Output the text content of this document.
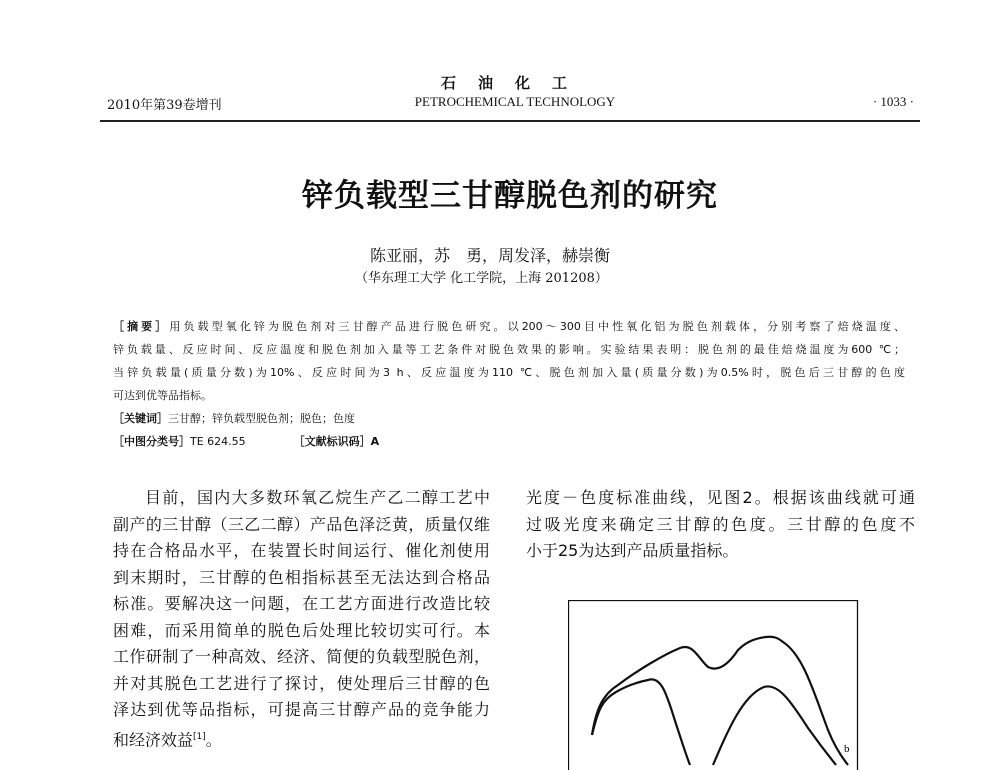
石油化工
2010年第39卷增刊	PETROCHEMICAL TECHNOLOGY	· 1033 ·
锌负载型三甘醇脱色剂的研究
陈亚丽，苏　勇，周发泽，赫崇衡
（华东理工大学 化工学院，上海 201208）
［摘要］用负载型氧化锌为脱色剂对三甘醇产品进行脱色研究。以200～300目中性氧化铝为脱色剂载体，分别考察了焙烧温度、
锌负载量、反应时间、反应温度和脱色剂加入量等工艺条件对脱色效果的影响。实验结果表明：脱色剂的最佳焙烧温度为600 ℃；
当锌负载量(质量分数)为10%、反应时间为3 h、反应温度为110 ℃、脱色剂加入量(质量分数)为0.5%时，脱色后三甘醇的色度
可达到优等品指标。
［关键词］三甘醇；锌负载型脱色剂；脱色；色度
［中图分类号］TE 624.55	［文献标识码］A
目前，国内大多数环氧乙烷生产乙二醇工艺中
副产的三甘醇（三乙二醇）产品色泽泛黄，质量仅维
持在合格品水平，在装置长时间运行、催化剂使用
到末期时，三甘醇的色相指标甚至无法达到合格品
标准。要解决这一问题，在工艺方面进行改造比较
困难，而采用简单的脱色后处理比较切实可行。本
工作研制了一种高效、经济、简便的负载型脱色剂，
并对其脱色工艺进行了探讨，使处理后三甘醇的色
泽达到优等品指标，可提高三甘醇产品的竞争能力
和经济效益[1]。
光度－色度标准曲线，见图2。根据该曲线就可通
过吸光度来确定三甘醇的色度。三甘醇的色度不
小于25为达到产品质量指标。
b
